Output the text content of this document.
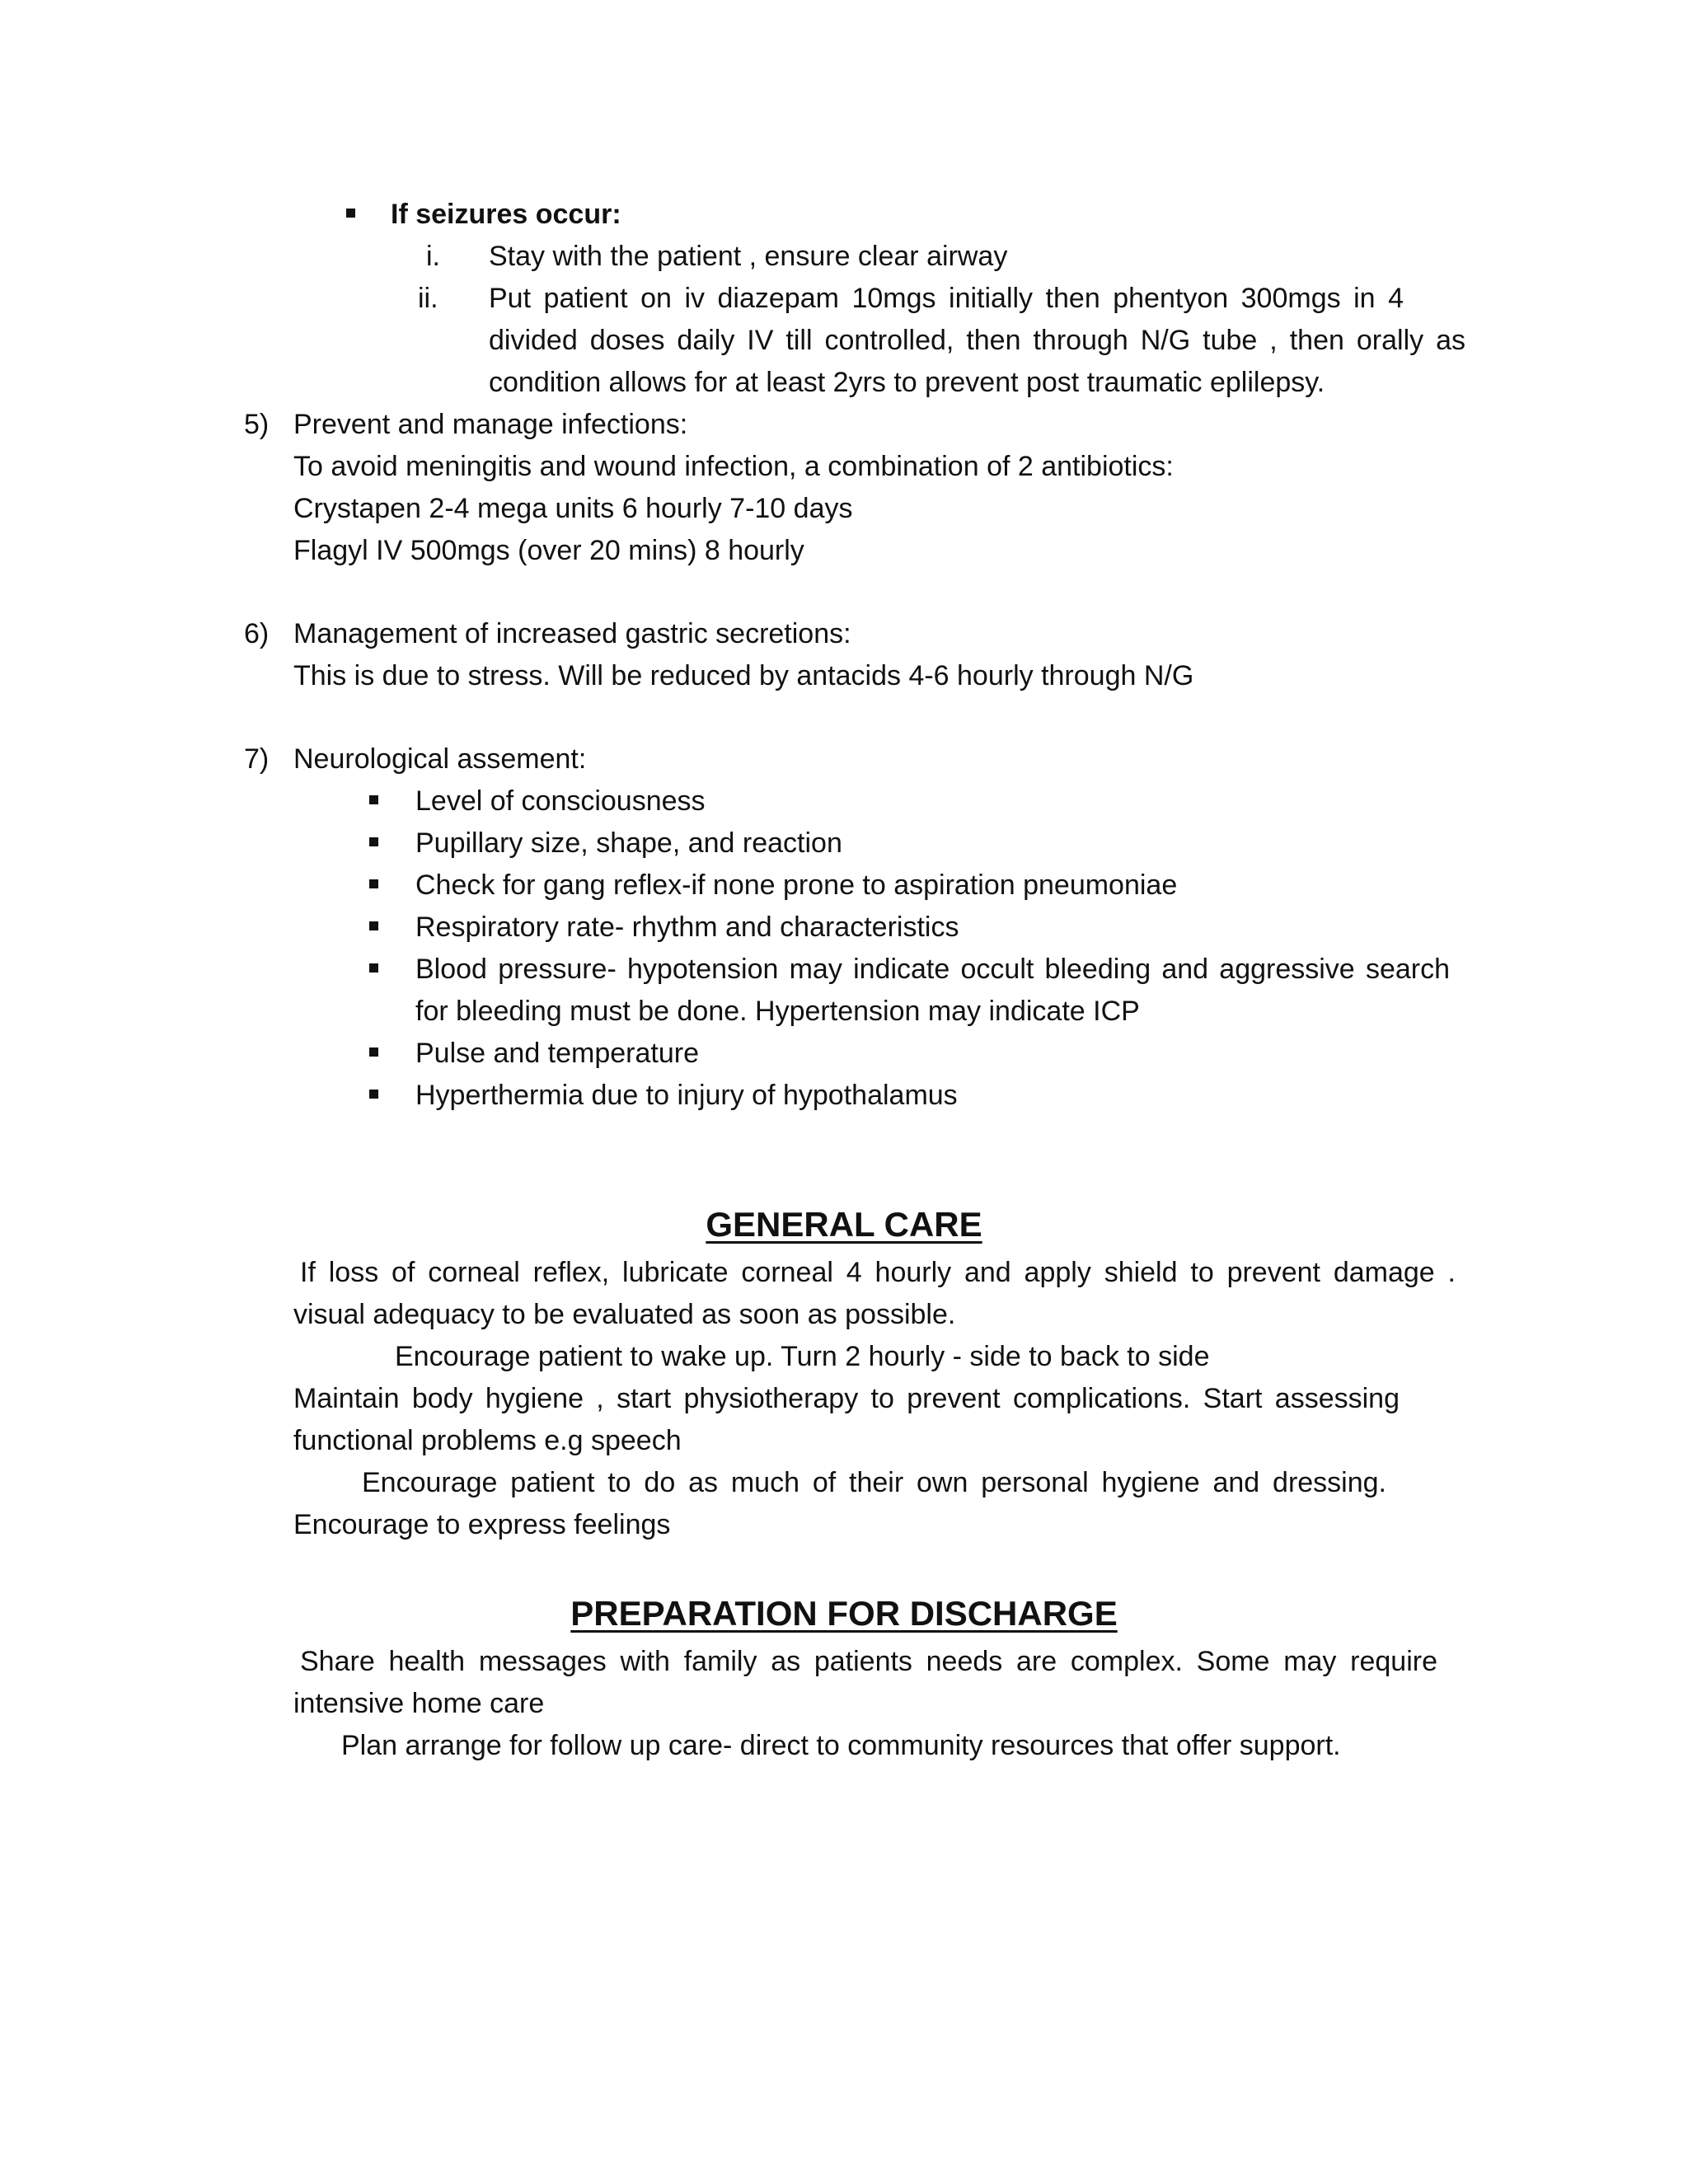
If seizures occur:
i. Stay with the patient , ensure clear airway
ii. Put patient on iv diazepam 10mgs initially then phentyon 300mgs in 4
divided doses daily IV till controlled, then through N/G tube , then orally as
condition allows for at least 2yrs to prevent post traumatic eplilepsy.
5) Prevent and manage infections:
To avoid meningitis and wound infection, a combination of 2 antibiotics:
Crystapen 2-4 mega units 6 hourly 7-10 days
Flagyl IV 500mgs (over 20 mins) 8 hourly
6) Management of increased gastric secretions:
This is due to stress. Will be reduced by antacids 4-6 hourly through N/G
7) Neurological assement:
Level of consciousness
Pupillary size, shape, and reaction
Check for gang reflex-if none prone to aspiration pneumoniae
Respiratory rate- rhythm and characteristics
Blood pressure- hypotension may indicate occult bleeding and aggressive search
for bleeding must be done. Hypertension may indicate ICP
Pulse and temperature
Hyperthermia due to injury of hypothalamus
GENERAL CARE
If loss of corneal reflex, lubricate corneal 4 hourly and apply shield to prevent damage .
visual adequacy to be evaluated as soon as possible.
Encourage patient to wake up. Turn 2 hourly - side to back to side
Maintain body hygiene , start physiotherapy to prevent complications. Start assessing
functional problems e.g speech
Encourage patient to do as much of their own personal hygiene and dressing.
Encourage to express feelings
PREPARATION FOR DISCHARGE
Share health messages with family as patients needs are complex. Some may require
intensive home care
Plan arrange for follow up care- direct to community resources that offer support.
